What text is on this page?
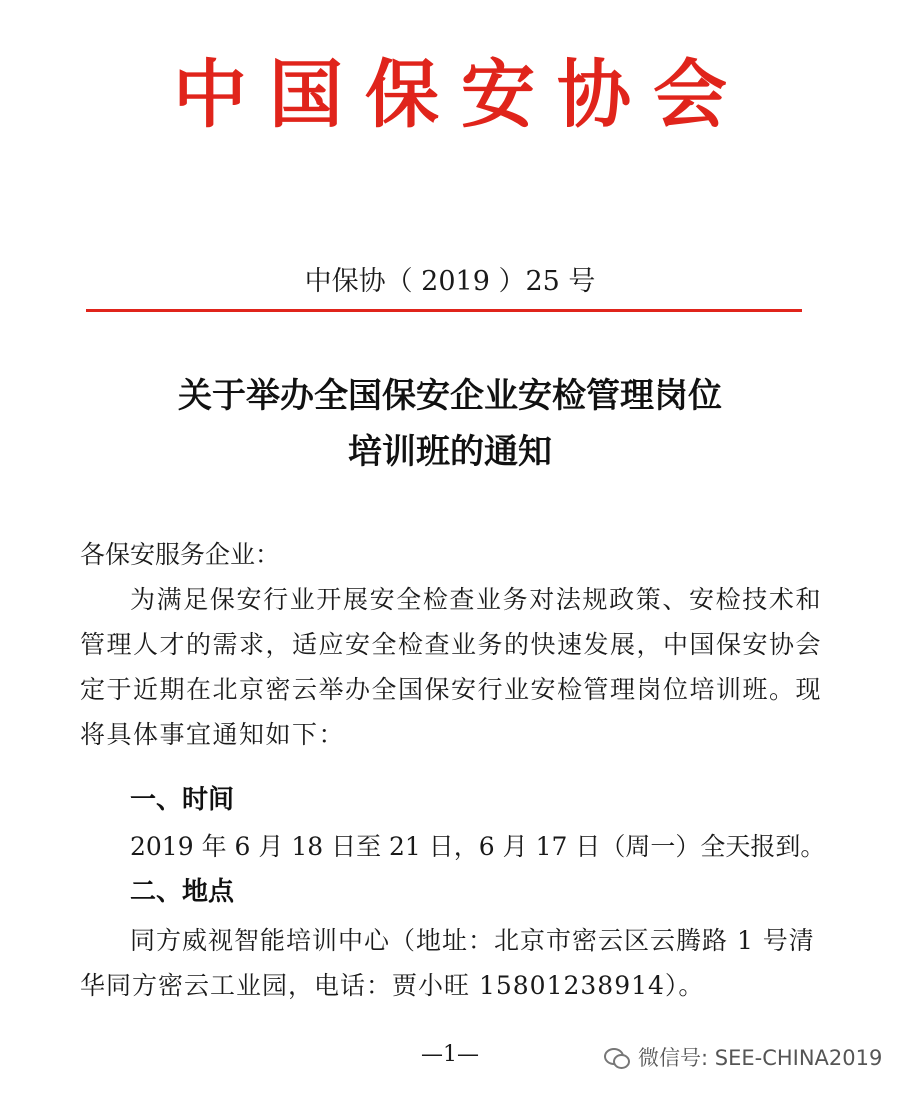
中国保安协会
中保协（ 2019 ）25 号
关于举办全国保安企业安检管理岗位
培训班的通知
各保安服务企业：
为满足保安行业开展安全检查业务对法规政策、安检技术和管理人才的需求，适应安全检查业务的快速发展，中国保安协会定于近期在北京密云举办全国保安行业安检管理岗位培训班。现将具体事宜通知如下：
一、时间
2019 年 6 月 18 日至 21 日，6 月 17 日（周一）全天报到。
二、地点
同方威视智能培训中心（地址：北京市密云区云腾路 1 号清华同方密云工业园，电话：贾小旺 15801238914）。
—1—	微信号: SEE-CHINA2019
